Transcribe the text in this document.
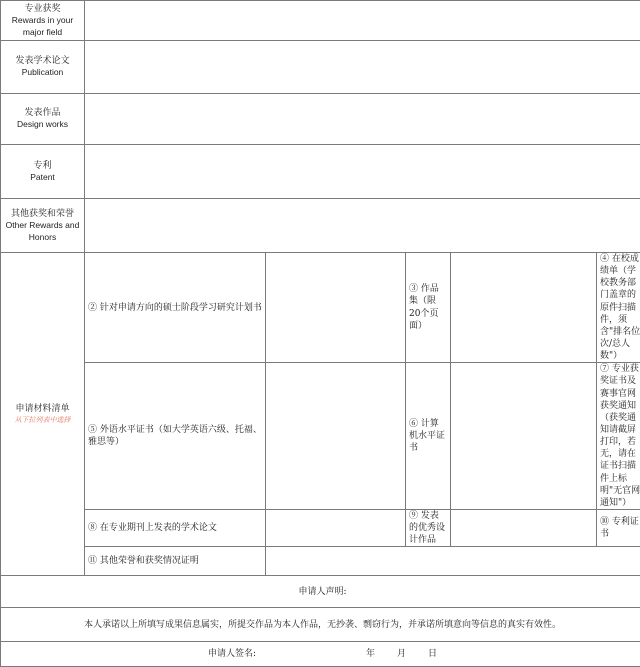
专业获奖
Rewards in your major field					

发表学术论文
Publication					

发表作品
Design works					

专利
Patent					

其他获奖和荣誉
Other Rewards and Honors					

申请材料清单
从下拉列表中选择	② 针对申请方向的硕士阶段学习研究计划书		③ 作品集（限20个页面）		④ 在校成绩单（学校教务部门盖章的原件扫描件，须含"排名位次/总人数"）
	⑤ 外语水平证书（如大学英语六级、托福、雅思等）		⑥ 计算机水平证书		⑦ 专业获奖证书及赛事官网获奖通知（获奖通知请截屏打印，若无，请在证书扫描件上标明"无官网通知"）
	⑧ 在专业期刊上发表的学术论文		⑨ 发表的优秀设计作品		⑩ 专利证书
	⑪ 其他荣誉和获奖情况证明				
申请人声明:					
本人承诺以上所填写成果信息属实，所提交作品为本人作品，无抄袭、剽窃行为，并承诺所填意向等信息的真实有效性。					
申请人签名: 年 月 日					
